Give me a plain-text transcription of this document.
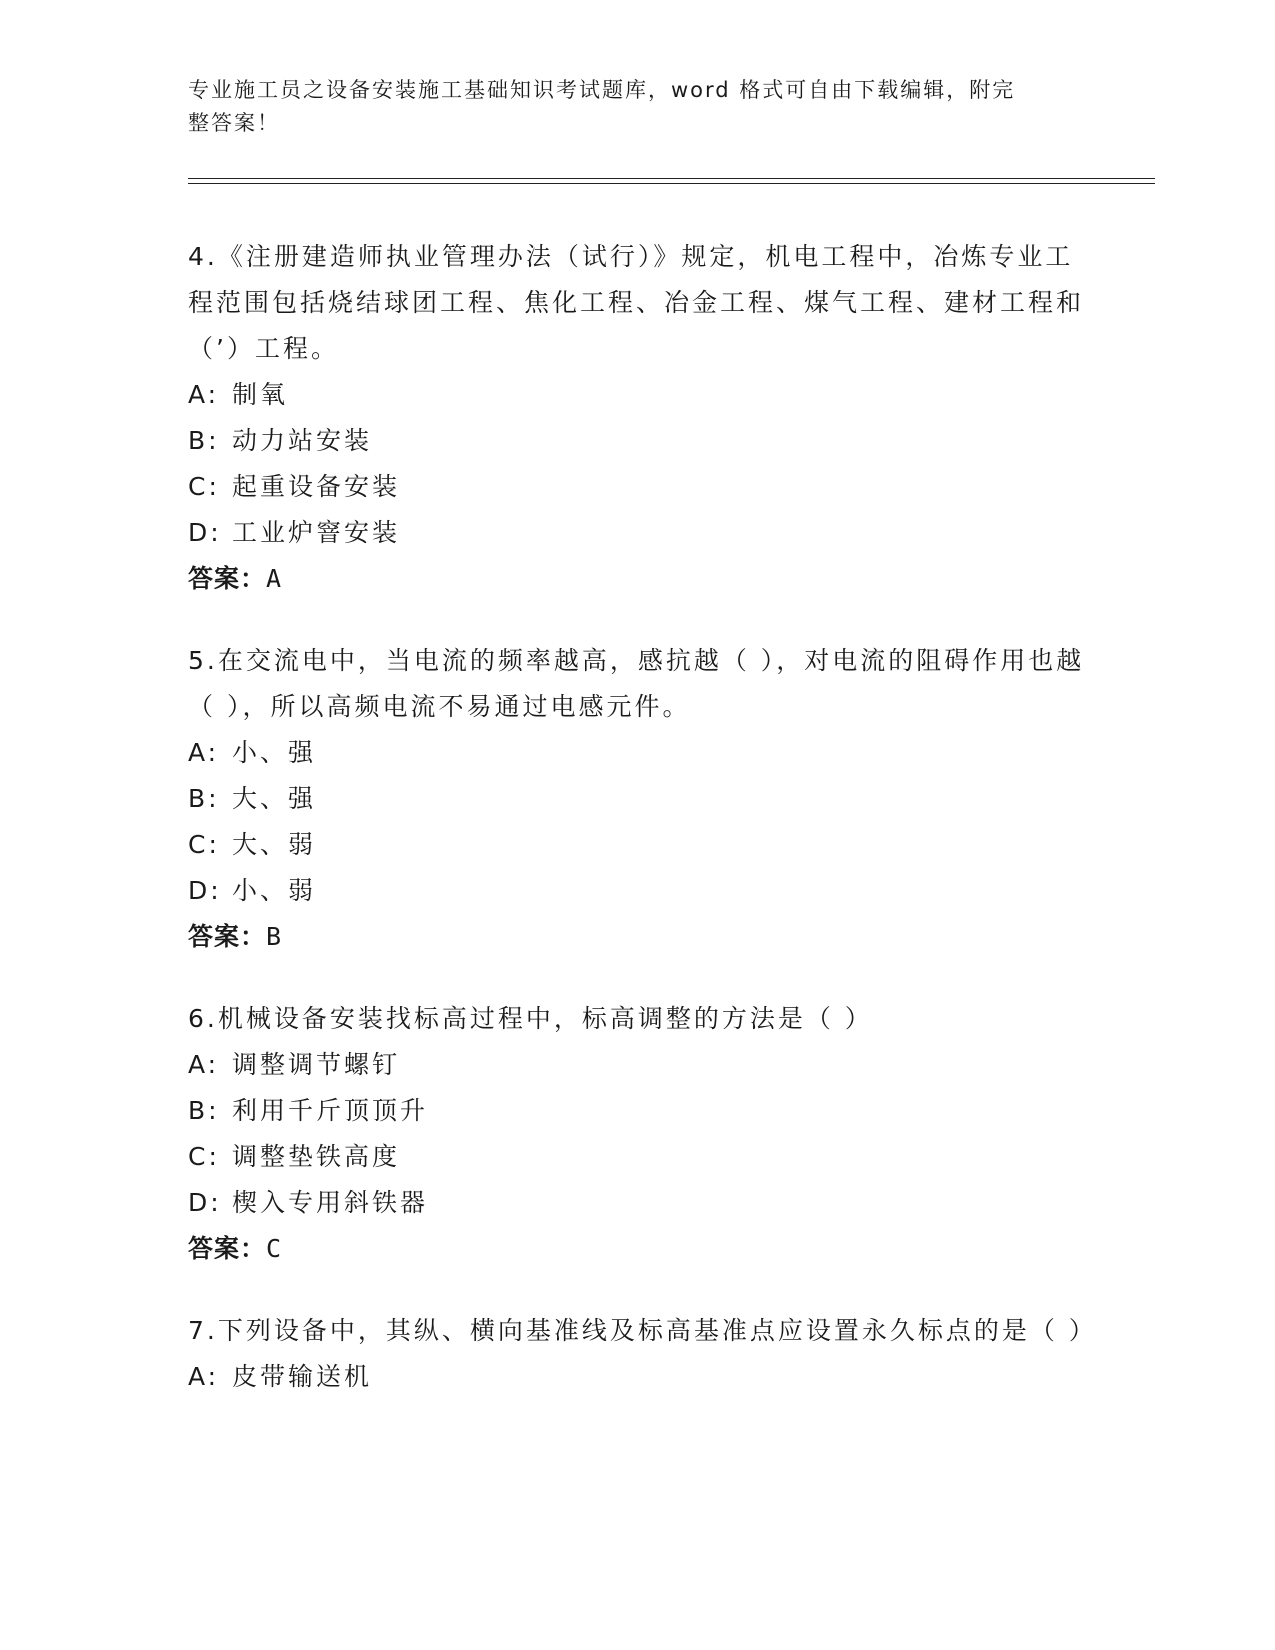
专业施工员之设备安装施工基础知识考试题库，word 格式可自由下载编辑，附完
整答案！

4.《注册建造师执业管理办法（试行）》规定，机电工程中，冶炼专业工程范围包括烧结球团工程、焦化工程、冶金工程、煤气工程、建材工程和（’）工程。

A: 制氧

B: 动力站安装

C: 起重设备安装

D: 工业炉窨安装

答案：A

5.在交流电中，当电流的频率越高，感抗越（ ），对电流的阻碍作用也越（ ），所以高频电流不易通过电感元件。

A: 小、强

B: 大、强

C: 大、弱

D: 小、弱

答案：B

6.机械设备安装找标高过程中，标高调整的方法是（ ）

A: 调整调节螺钉

B: 利用千斤顶顶升

C: 调整垫铁高度

D: 楔入专用斜铁器

答案：C

7.下列设备中，其纵、横向基准线及标高基准点应设置永久标点的是（ ）

A: 皮带输送机
